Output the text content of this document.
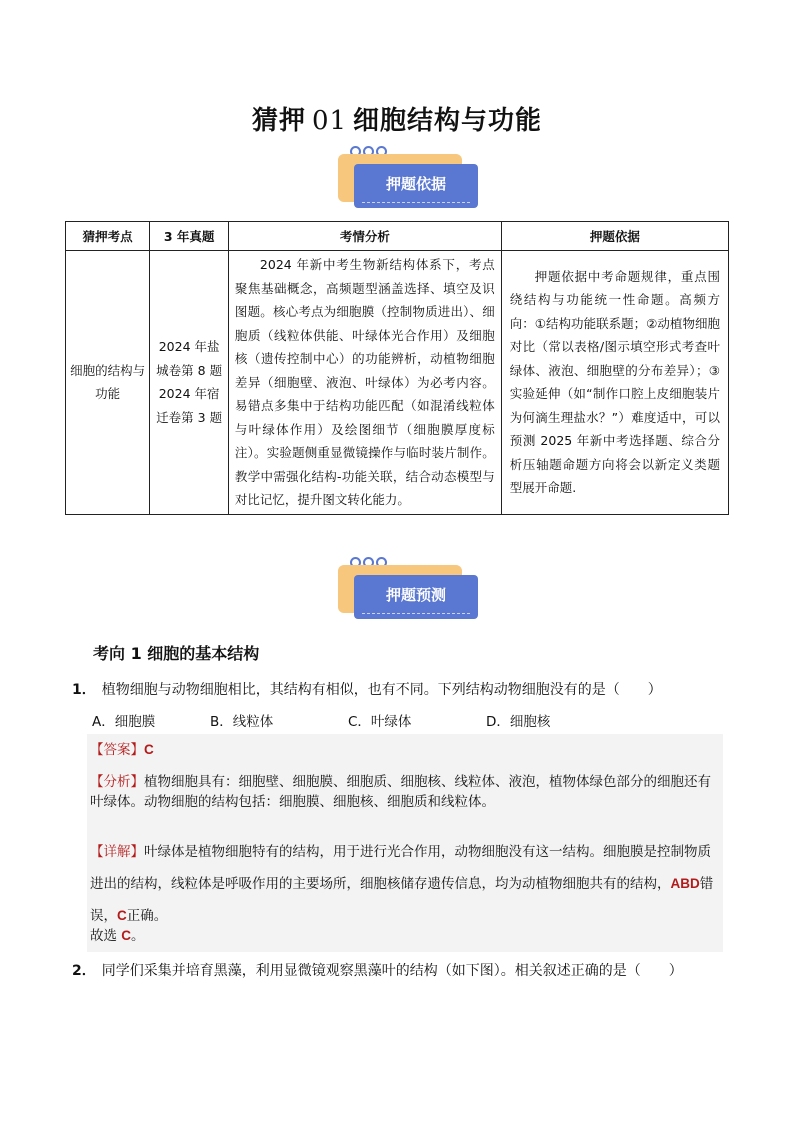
猜押 01 细胞结构与功能
押题依据
猜押考点	3 年真题	考情分析	押题依据
细胞的结构与功能	2024 年盐城卷第 8 题 2024 年宿迁卷第 3 题	2024 年新中考生物新结构体系下，考点聚焦基础概念，高频题型涵盖选择、填空及识图题。核心考点为细胞膜（控制物质进出）、细胞质（线粒体供能、叶绿体光合作用）及细胞核（遗传控制中心）的功能辨析，动植物细胞差异（细胞壁、液泡、叶绿体）为必考内容。易错点多集中于结构功能匹配（如混淆线粒体与叶绿体作用）及绘图细节（细胞膜厚度标注）。实验题侧重显微镜操作与临时装片制作。教学中需强化结构-功能关联，结合动态模型与对比记忆，提升图文转化能力。	押题依据中考命题规律，重点围绕结构与功能统一性命题。高频方向：①结构功能联系题；②动植物细胞对比（常以表格/图示填空形式考查叶绿体、液泡、细胞壁的分布差异）；③实验延伸（如“制作口腔上皮细胞装片为何滴生理盐水？”）难度适中，可以预测 2025 年新中考选择题、综合分析压轴题命题方向将会以新定义类题型展开命题.
押题预测
考向 1 细胞的基本结构
1． 植物细胞与动物细胞相比，其结构有相似，也有不同。下列结构动物细胞没有的是（　　）
A．细胞膜	B．线粒体	C．叶绿体	D．细胞核

【答案】C

【分析】植物细胞具有：细胞壁、细胞膜、细胞质、细胞核、线粒体、液泡，植物体绿色部分的细胞还有叶绿体。动物细胞的结构包括：细胞膜、细胞核、细胞质和线粒体。

【详解】叶绿体是植物细胞特有的结构，用于进行光合作用，动物细胞没有这一结构。细胞膜是控制物质进出的结构，线粒体是呼吸作用的主要场所，细胞核储存遗传信息，均为动植物细胞共有的结构，ABD错误，C正确。

故选 C。

2． 同学们采集并培育黑藻，利用显微镜观察黑藻叶的结构（如下图）。相关叙述正确的是（　　）
